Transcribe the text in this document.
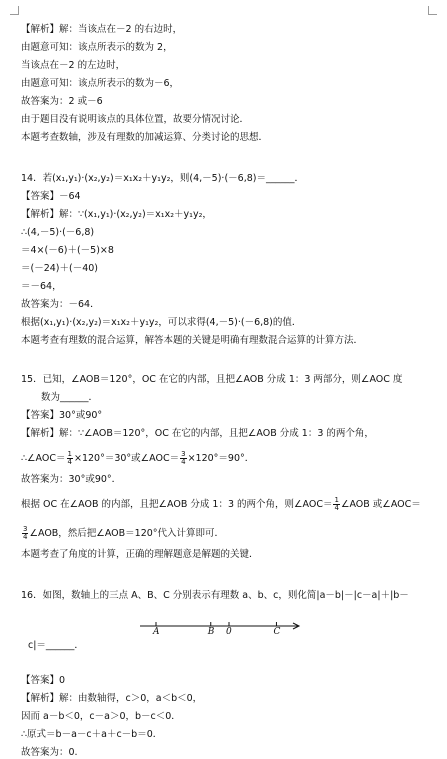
【解析】解：当该点在－2 的右边时，
由题意可知：该点所表示的数为 2，
当该点在－2 的左边时，
由题意可知：该点所表示的数为－6，
故答案为：2 或－6
由于题目没有说明该点的具体位置，故要分情况讨论．
本题考查数轴，涉及有理数的加减运算、分类讨论的思想．
14．若(x₁,y₁)·(x₂,y₂)＝x₁x₂＋y₁y₂，则(4,－5)·(－6,8)＝______．
【答案】－64
【解析】解：∵(x₁,y₁)·(x₂,y₂)＝x₁x₂＋y₁y₂，
∴(4,－5)·(－6,8)
＝4×(－6)＋(－5)×8
＝(－24)＋(－40)
＝－64，
故答案为：－64．
根据(x₁,y₁)·(x₂,y₂)＝x₁x₂＋y₁y₂，可以求得(4,－5)·(－6,8)的值．
本题考查有理数的混合运算，解答本题的关键是明确有理数混合运算的计算方法．
15．已知，∠AOB＝120°，OC 在它的内部，且把∠AOB 分成 1：3 两部分，则∠AOC 度
数为______．
【答案】30°或90°
【解析】解：∵∠AOB＝120°，OC 在它的内部，且把∠AOB 分成 1：3 的两个角，
∴∠AOC＝ $\frac{1}{4} \times 120^\circ=30^\circ$或∠AOC＝ $\frac{3}{4} \times 120^\circ=90^\circ$．
故答案为：30°或90°．
根据 OC 在∠AOB 的内部，且把∠AOB 分成 1：3 的两个角，则∠AOC＝ $\frac{1}{4}$ ∠AOB 或∠AOC＝
$\frac{3}{4}$ ∠AOB，然后把∠AOB＝120°代入计算即可．
本题考查了角度的计算，正确的理解题意是解题的关键．
16．如图，数轴上的三点 A、B、C 分别表示有理数 a、b、c，则化简|a－b|－|c－a|＋|b－
c|＝______．
【答案】0
【解析】解：由数轴得，c＞0，a＜b＜0，
因而 a－b＜0，c－a＞0，b－c＜0．
∴原式＝b－a－c＋a＋c－b＝0．
故答案为：0.
A	B 0	C
